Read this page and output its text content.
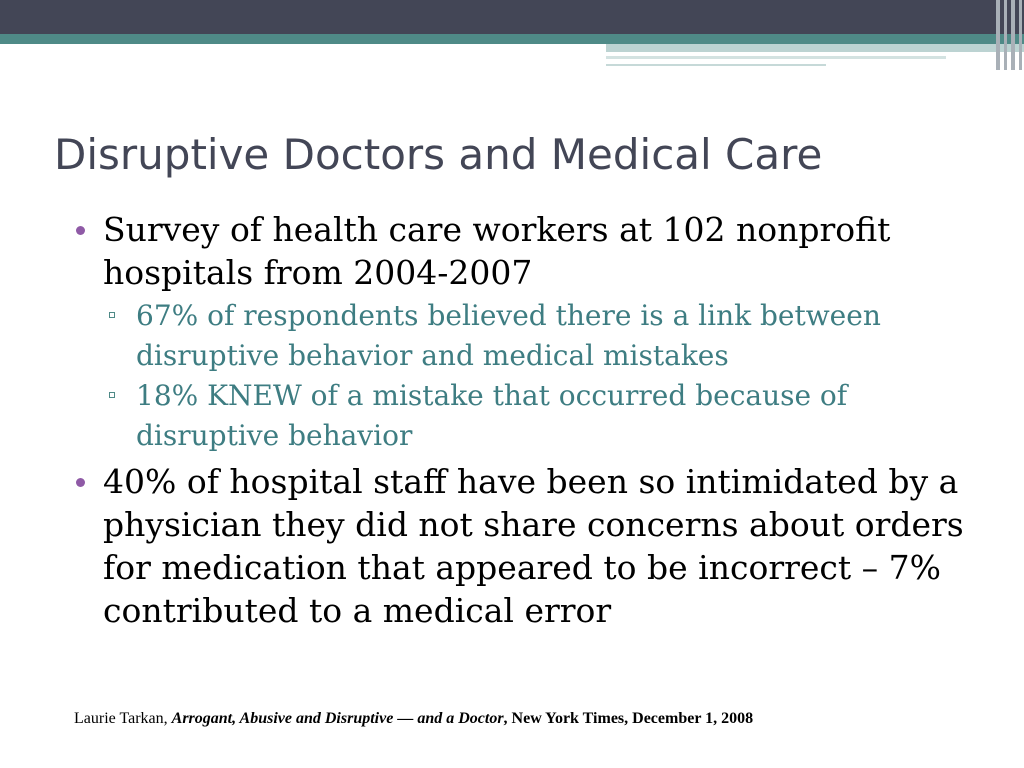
Disruptive Doctors and Medical Care
Survey of health care workers at 102 nonprofit hospitals from 2004-2007
67% of respondents believed there is a link between disruptive behavior and medical mistakes
18% KNEW of a mistake that occurred because of disruptive behavior
40% of hospital staff have been so intimidated by a physician they did not share concerns about orders for medication that appeared to be incorrect – 7% contributed to a medical error
Laurie Tarkan, Arrogant, Abusive and Disruptive — and a Doctor, New York Times, December 1, 2008
